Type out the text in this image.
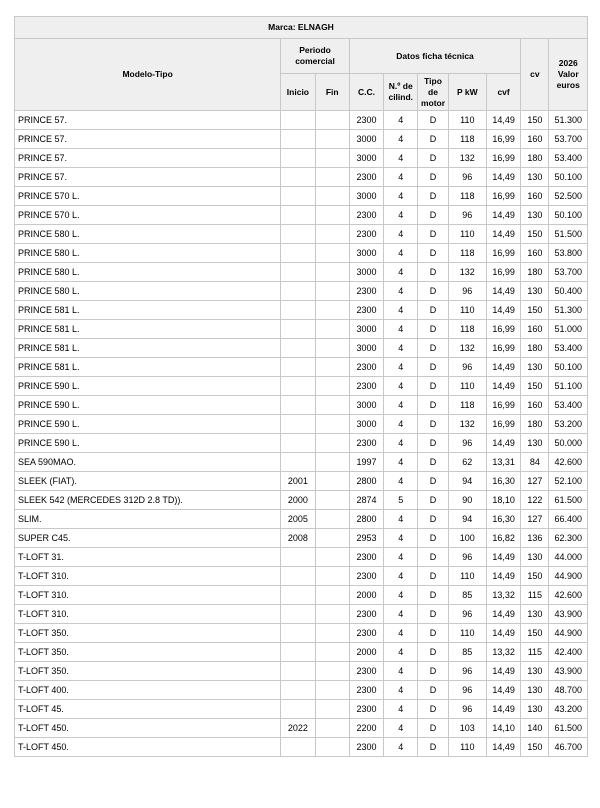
Marca: ELNAGH									
Modelo-Tipo	Periodo comercial		Datos ficha técnica					cv	2026 Valor euros
	Inicio	Fin	C.C.	N.º de cilind.	Tipo de motor	P kW	cvf		
PRINCE 57.			2300	4	D	110	14,49	150	51.300
PRINCE 57.			3000	4	D	118	16,99	160	53.700
PRINCE 57.			3000	4	D	132	16,99	180	53.400
PRINCE 57.			2300	4	D	96	14,49	130	50.100
PRINCE 570 L.			3000	4	D	118	16,99	160	52.500
PRINCE 570 L.			2300	4	D	96	14,49	130	50.100
PRINCE 580 L.			2300	4	D	110	14,49	150	51.500
PRINCE 580 L.			3000	4	D	118	16,99	160	53.800
PRINCE 580 L.			3000	4	D	132	16,99	180	53.700
PRINCE 580 L.			2300	4	D	96	14,49	130	50.400
PRINCE 581 L.			2300	4	D	110	14,49	150	51.300
PRINCE 581 L.			3000	4	D	118	16,99	160	51.000
PRINCE 581 L.			3000	4	D	132	16,99	180	53.400
PRINCE 581 L.			2300	4	D	96	14,49	130	50.100
PRINCE 590 L.			2300	4	D	110	14,49	150	51.100
PRINCE 590 L.			3000	4	D	118	16,99	160	53.400
PRINCE 590 L.			3000	4	D	132	16,99	180	53.200
PRINCE 590 L.			2300	4	D	96	14,49	130	50.000
SEA 590MAO.			1997	4	D	62	13,31	84	42.600
SLEEK (FIAT).	2001		2800	4	D	94	16,30	127	52.100
SLEEK 542 (MERCEDES 312D 2.8 TD)).	2000		2874	5	D	90	18,10	122	61.500
SLIM.	2005		2800	4	D	94	16,30	127	66.400
SUPER C45.	2008		2953	4	D	100	16,82	136	62.300
T-LOFT 31.			2300	4	D	96	14,49	130	44.000
T-LOFT 310.			2300	4	D	110	14,49	150	44.900
T-LOFT 310.			2000	4	D	85	13,32	115	42.600
T-LOFT 310.			2300	4	D	96	14,49	130	43.900
T-LOFT 350.			2300	4	D	110	14,49	150	44.900
T-LOFT 350.			2000	4	D	85	13,32	115	42.400
T-LOFT 350.			2300	4	D	96	14,49	130	43.900
T-LOFT 400.			2300	4	D	96	14,49	130	48.700
T-LOFT 45.			2300	4	D	96	14,49	130	43.200
T-LOFT 450.	2022		2200	4	D	103	14,10	140	61.500
T-LOFT 450.			2300	4	D	110	14,49	150	46.700
